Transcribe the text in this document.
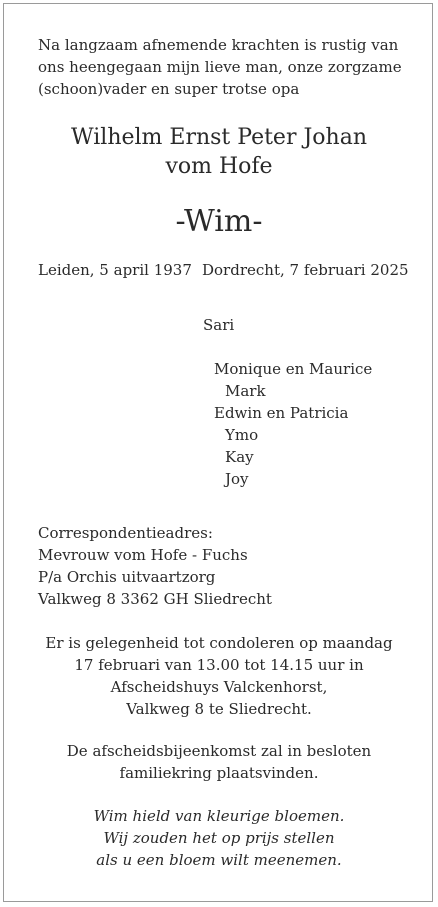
Na langzaam afnemende krachten is rustig van
ons heengegaan mijn lieve man, onze zorgzame
(schoon)vader en super trotse opa
Wilhelm Ernst Peter Johan
vom Hofe
-Wim-
Leiden, 5 april 1937 Dordrecht, 7 februari 2025
Sari

Monique en Maurice
Mark
Edwin en Patricia
Ymo
Kay
Joy
Correspondentieadres:
Mevrouw vom Hofe - Fuchs
P/a Orchis uitvaartzorg
Valkweg 8 3362 GH Sliedrecht
Er is gelegenheid tot condoleren op maandag
17 februari van 13.00 tot 14.15 uur in
Afscheidshuys Valckenhorst,
Valkweg 8 te Sliedrecht.
De afscheidsbijeenkomst zal in besloten
familiekring plaatsvinden.
Wim hield van kleurige bloemen.
Wij zouden het op prijs stellen
als u een bloem wilt meenemen.
